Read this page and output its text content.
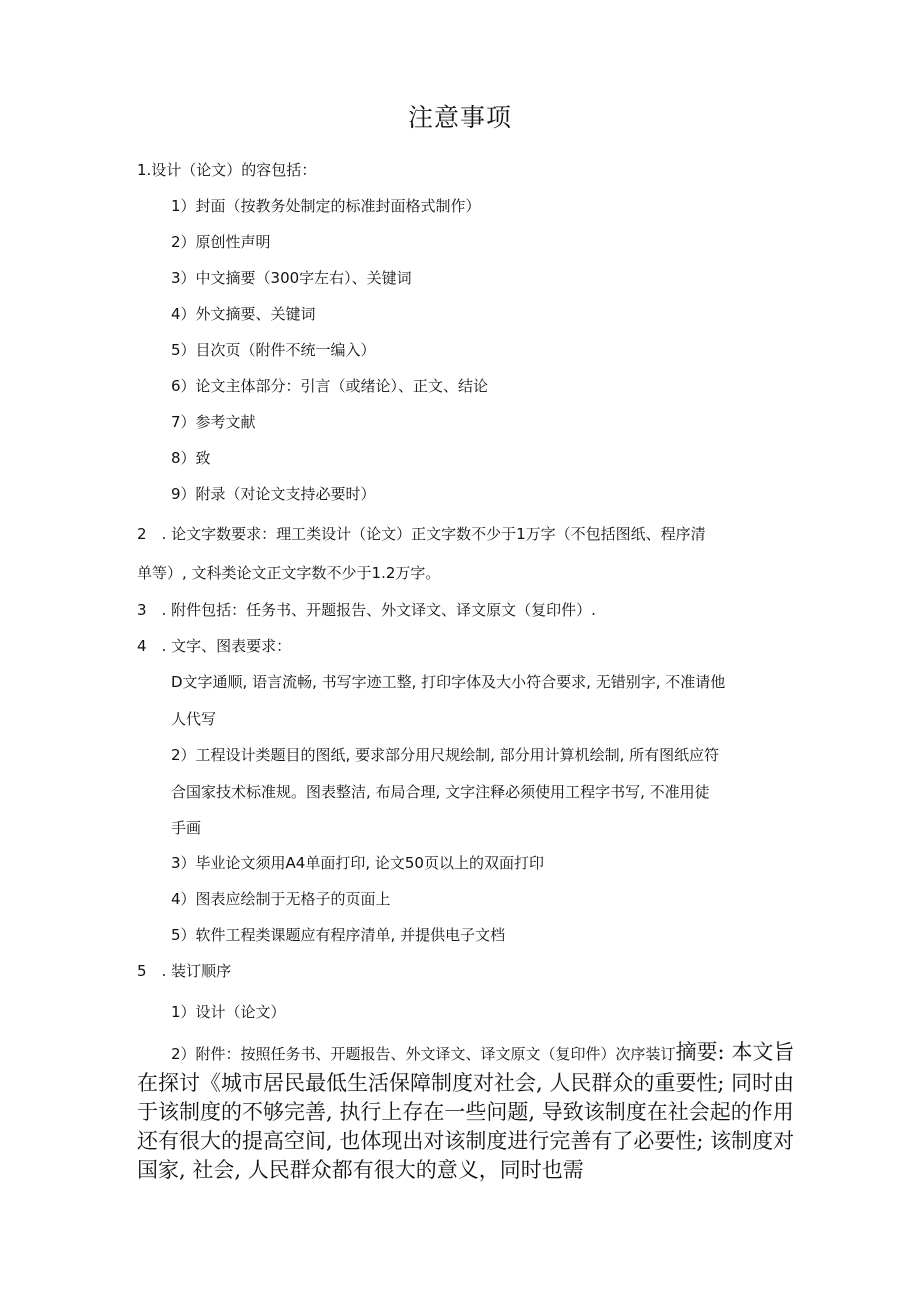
注意事项
1.设计（论文）的容包括：
1）封面（按教务处制定的标准封面格式制作）
2）原创性声明
3）中文摘要（300字左右）、关键词
4）外文摘要、关键词
5）目次页（附件不统一编入）
6）论文主体部分：引言（或绪论）、正文、结论
7）参考文献
8）致
9）附录（对论文支持必要时）
2　. 论文字数要求：理工类设计（论文）正文字数不少于1万字（不包括图纸、程序清
单等）, 文科类论文正文字数不少于1.2万字。
3　. 附件包括：任务书、开题报告、外文译文、译文原文（复印件）.
4　. 文字、图表要求：
D文字通顺, 语言流畅, 书写字迹工整, 打印字体及大小符合要求, 无错别字, 不准请他
人代写
2）工程设计类题目的图纸, 要求部分用尺规绘制, 部分用计算机绘制, 所有图纸应符
合国家技术标准规。图表整洁, 布局合理, 文字注释必须使用工程字书写, 不准用徒
手画
3）毕业论文须用A4单面打印, 论文50页以上的双面打印
4）图表应绘制于无格子的页面上
5）软件工程类课题应有程序清单, 并提供电子文档
5　. 装订顺序
1）设计（论文）
2）附件：按照任务书、开题报告、外文译文、译文原文（复印件）次序装订摘要: 本文旨在探讨《城市居民最低生活保障制度对社会, 人民群众的重要性; 同时由于该制度的不够完善, 执行上存在一些问题, 导致该制度在社会起的作用还有很大的提高空间, 也体现出对该制度进行完善有了必要性; 该制度对国家, 社会, 人民群众都有很大的意义，同时也需
